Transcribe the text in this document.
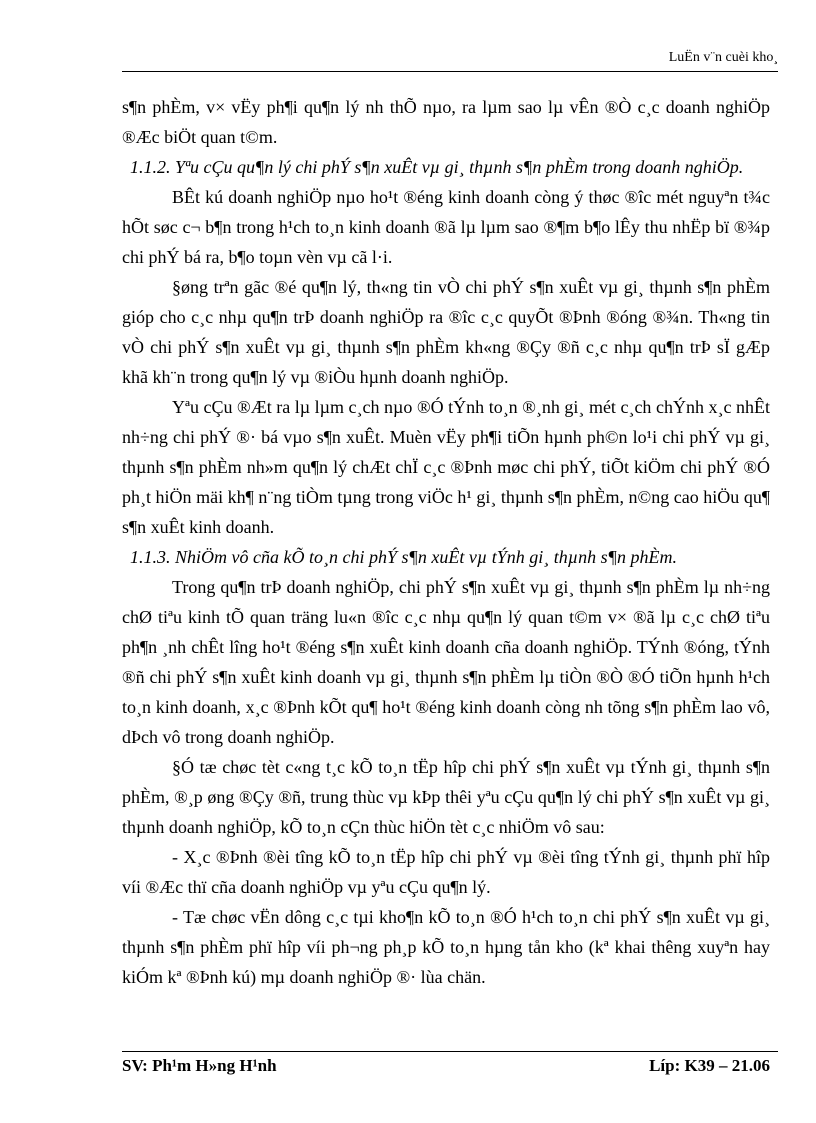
LuËn v¨n cuèi kho¸

s¶n phÈm, v× vËy ph¶i qu¶n lý nh thÕ nµo, ra lµm sao lµ vÊn ®Ò c¸c doanh nghiÖp ®Æc biÖt quan t©m.

1.1.2. Yªu cÇu qu¶n lý chi phÝ s¶n xuÊt vµ gi¸ thµnh s¶n phÈm trong doanh nghiÖp.

BÊt kú doanh nghiÖp nµo ho¹t ®éng kinh doanh còng ý thøc ®îc mét nguyªn t¾c hÕt søc c¬ b¶n trong h¹ch to¸n kinh doanh ®ã lµ lµm sao ®¶m b¶o lÊy thu nhËp bï ®¾p chi phÝ bá ra, b¶o toµn vèn vµ cã l·i.

§øng trªn gãc ®é qu¶n lý, th«ng tin vÒ chi phÝ s¶n xuÊt vµ gi¸ thµnh s¶n phÈm gióp cho c¸c nhµ qu¶n trÞ doanh nghiÖp ra ®îc c¸c quyÕt ®Þnh ®óng ®¾n. Th«ng tin vÒ chi phÝ s¶n xuÊt vµ gi¸ thµnh s¶n phÈm kh«ng ®Çy ®ñ c¸c nhµ qu¶n trÞ sÏ gÆp khã kh¨n trong qu¶n lý vµ ®iÒu hµnh doanh nghiÖp.

Yªu cÇu ®Æt ra lµ lµm c¸ch nµo ®Ó tÝnh to¸n ®¸nh gi¸ mét c¸ch chÝnh x¸c nhÊt nh÷ng chi phÝ ®· bá vµo s¶n xuÊt. Muèn vËy ph¶i tiÕn hµnh ph©n lo¹i chi phÝ vµ gi¸ thµnh s¶n phÈm nh»m qu¶n lý chÆt chÏ c¸c ®Þnh møc chi phÝ, tiÕt kiÖm chi phÝ ®Ó ph¸t hiÖn mäi kh¶ n¨ng tiÒm tµng trong viÖc h¹ gi¸ thµnh s¶n phÈm, n©ng cao hiÖu qu¶ s¶n xuÊt kinh doanh.

1.1.3. NhiÖm vô cña kÕ to¸n chi phÝ s¶n xuÊt vµ tÝnh gi¸ thµnh s¶n phÈm.

Trong qu¶n trÞ doanh nghiÖp, chi phÝ s¶n xuÊt vµ gi¸ thµnh s¶n phÈm lµ nh÷ng chØ tiªu kinh tÕ quan träng lu«n ®îc c¸c nhµ qu¶n lý quan t©m v× ®ã lµ c¸c chØ tiªu ph¶n ¸nh chÊt lîng ho¹t ®éng s¶n xuÊt kinh doanh cña doanh nghiÖp. TÝnh ®óng, tÝnh ®ñ chi phÝ s¶n xuÊt kinh doanh vµ gi¸ thµnh s¶n phÈm lµ tiÒn ®Ò ®Ó tiÕn hµnh h¹ch to¸n kinh doanh, x¸c ®Þnh kÕt qu¶ ho¹t ®éng kinh doanh còng nh tõng s¶n phÈm lao vô, dÞch vô trong doanh nghiÖp.

§Ó tæ chøc tèt c«ng t¸c kÕ to¸n tËp hîp chi phÝ s¶n xuÊt vµ tÝnh gi¸ thµnh s¶n phÈm, ®¸p øng ®Çy ®ñ, trung thùc vµ kÞp thêi yªu cÇu qu¶n lý chi phÝ s¶n xuÊt vµ gi¸ thµnh doanh nghiÖp, kÕ to¸n cÇn thùc hiÖn tèt c¸c nhiÖm vô sau:

- X¸c ®Þnh ®èi tîng kÕ to¸n tËp hîp chi phÝ vµ ®èi tîng tÝnh gi¸ thµnh phï hîp víi ®Æc thï cña doanh nghiÖp vµ yªu cÇu qu¶n lý.

- Tæ chøc vËn dông c¸c tµi kho¶n kÕ to¸n ®Ó h¹ch to¸n chi phÝ s¶n xuÊt vµ gi¸ thµnh s¶n phÈm phï hîp víi ph¬ng ph¸p kÕ to¸n hµng tån kho (kª khai thêng xuyªn hay kiÓm kª ®Þnh kú) mµ doanh nghiÖp ®· lùa chän.

SV: Ph¹m H»ng H¹nh	Líp: K39 – 21.06
